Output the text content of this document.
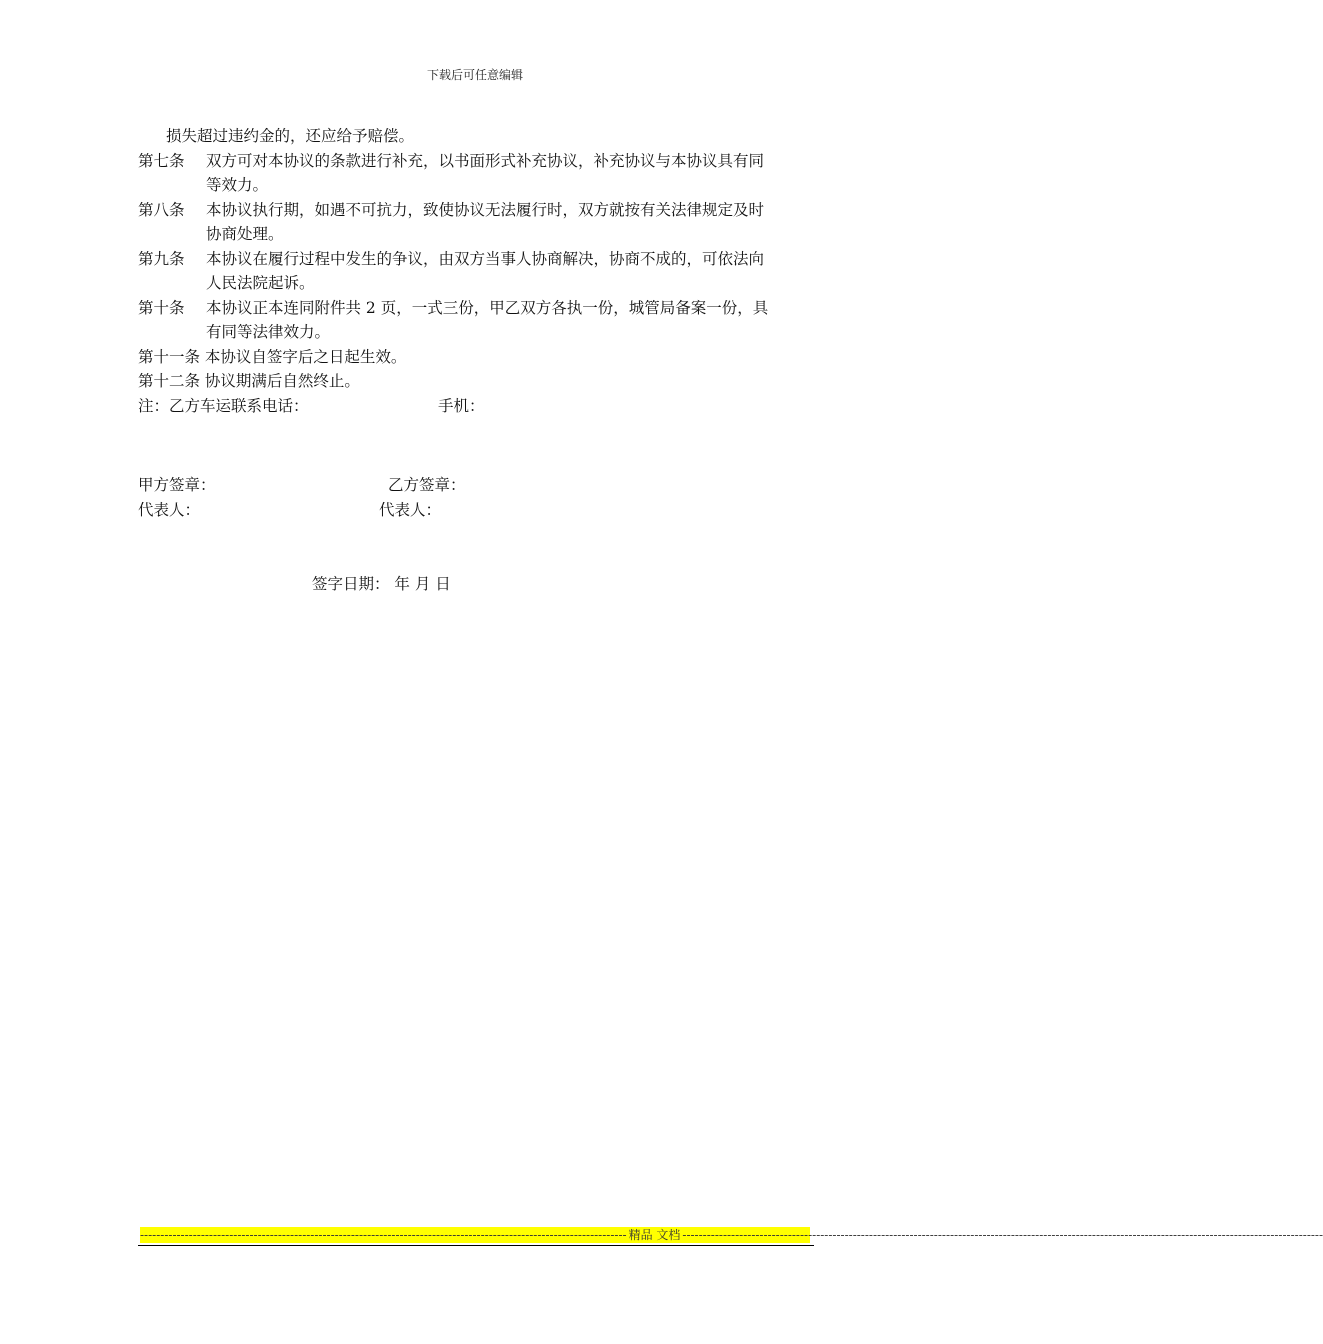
下载后可任意编辑
损失超过违约金的，还应给予赔偿。
第七条	双方可对本协议的条款进行补充，以书面形式补充协议，补充协议与本协议具有同
等效力。
第八条	本协议执行期，如遇不可抗力，致使协议无法履行时，双方就按有关法律规定及时
协商处理。
第九条	本协议在履行过程中发生的争议，由双方当事人协商解决，协商不成的，可依法向
人民法院起诉。
第十条	本协议正本连同附件共 2 页，一式三份，甲乙双方各执一份，城管局备案一份，具
有同等法律效力。
第十一条 本协议自签字后之日起生效。
第十二条 协议期满后自然终止。
注：乙方车运联系电话：	手机：
甲方签章：	乙方签章：
代表人：	代表人：
签字日期： 年 月 日
------------------------------------------------------------------------------------------------------------------------ 精品 文档 --------------------------------------------------------------------------------------------------------------------------------------------------------------
